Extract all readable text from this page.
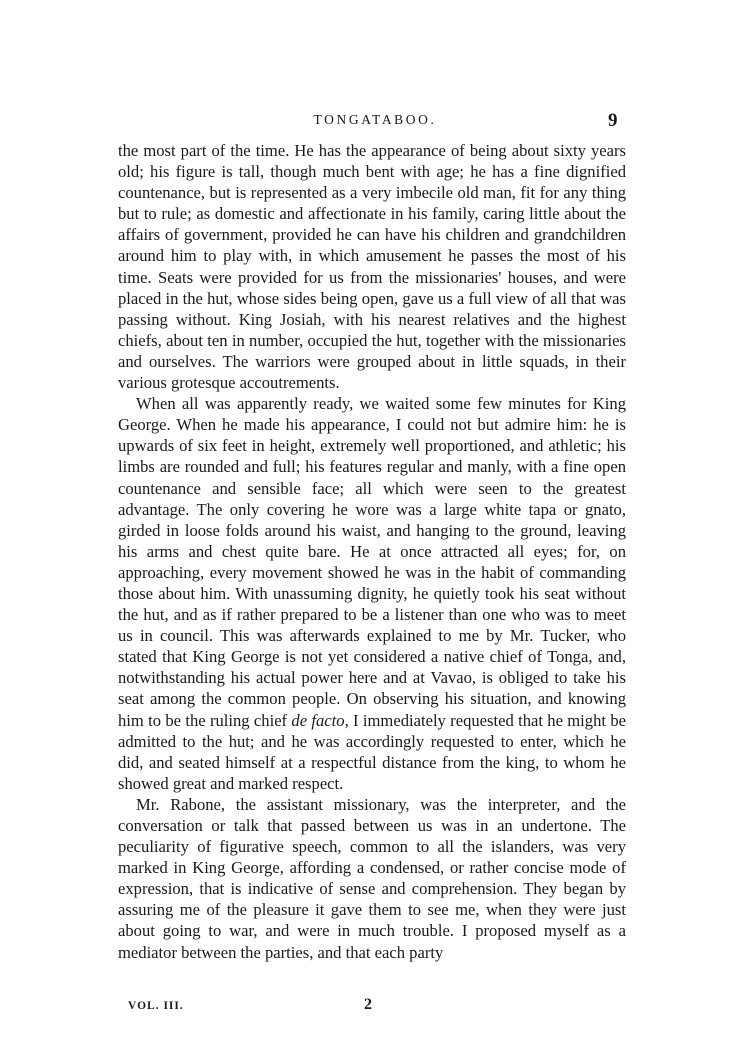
TONGATABOO.	9

the most part of the time. He has the appearance of being about sixty years old; his figure is tall, though much bent with age; he has a fine dignified countenance, but is represented as a very imbecile old man, fit for any thing but to rule; as domestic and affectionate in his family, caring little about the affairs of government, provided he can have his children and grandchildren around him to play with, in which amusement he passes the most of his time. Seats were provided for us from the missionaries' houses, and were placed in the hut, whose sides being open, gave us a full view of all that was passing without. King Josiah, with his nearest relatives and the highest chiefs, about ten in number, occupied the hut, together with the missionaries and ourselves. The warriors were grouped about in little squads, in their various grotesque accoutrements.

When all was apparently ready, we waited some few minutes for King George. When he made his appearance, I could not but admire him: he is upwards of six feet in height, extremely well proportioned, and athletic; his limbs are rounded and full; his features regular and manly, with a fine open countenance and sensible face; all which were seen to the greatest advantage. The only covering he wore was a large white tapa or gnato, girded in loose folds around his waist, and hanging to the ground, leaving his arms and chest quite bare. He at once attracted all eyes; for, on approaching, every movement showed he was in the habit of commanding those about him. With unassuming dignity, he quietly took his seat without the hut, and as if rather prepared to be a listener than one who was to meet us in council. This was afterwards explained to me by Mr. Tucker, who stated that King George is not yet considered a native chief of Tonga, and, notwithstanding his actual power here and at Vavao, is obliged to take his seat among the common people. On observing his situation, and knowing him to be the ruling chief de facto, I immediately requested that he might be admitted to the hut; and he was accordingly requested to enter, which he did, and seated himself at a respectful distance from the king, to whom he showed great and marked respect.

Mr. Rabone, the assistant missionary, was the interpreter, and the conversation or talk that passed between us was in an undertone. The peculiarity of figurative speech, common to all the islanders, was very marked in King George, affording a condensed, or rather concise mode of expression, that is indicative of sense and comprehension. They began by assuring me of the pleasure it gave them to see me, when they were just about going to war, and were in much trouble. I proposed myself as a mediator between the parties, and that each party

VOL. III.	2
